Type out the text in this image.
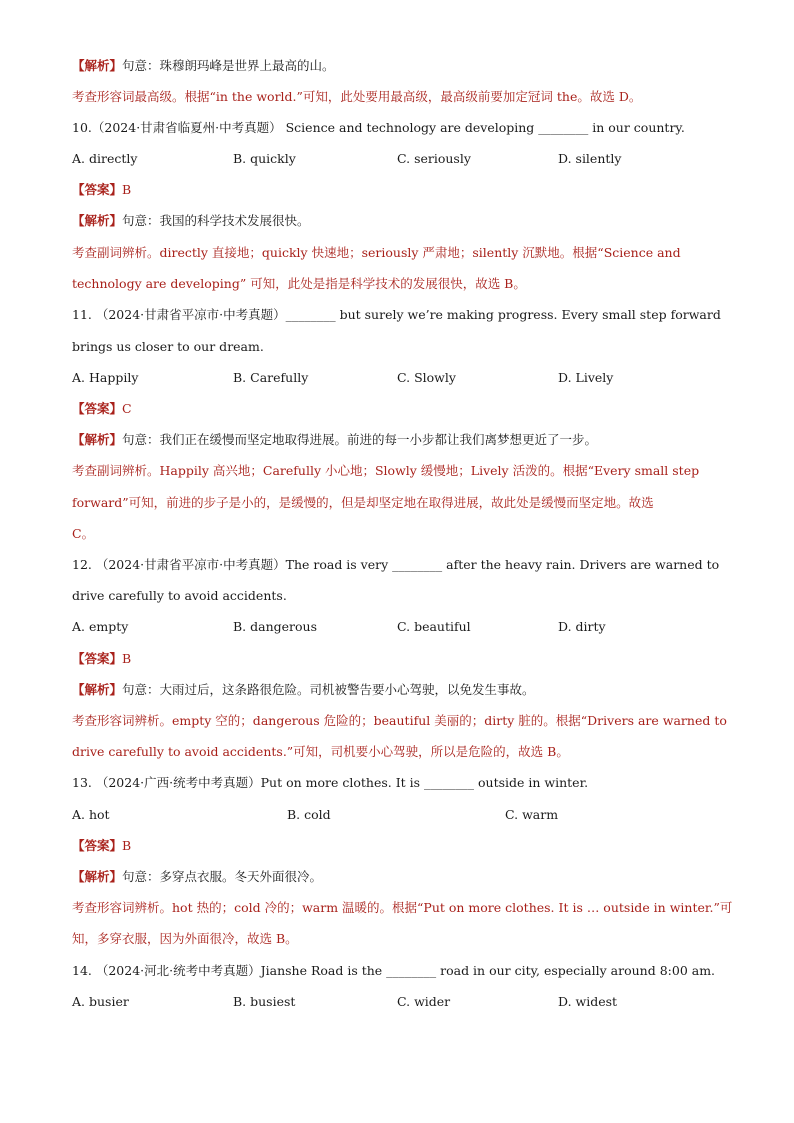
【解析】句意：珠穆朗玛峰是世界上最高的山。
考查形容词最高级。根据“in the world.”可知，此处要用最高级，最高级前要加定冠词 the。故选 D。
10.（2024·甘肃省临夏州·中考真题） Science and technology are developing ________ in our country.
A. directly	B. quickly	C. seriously	D. silently
【答案】B
【解析】句意：我国的科学技术发展很快。
考查副词辨析。directly 直接地；quickly 快速地；seriously 严肃地；silently 沉默地。根据“Science and
technology are developing” 可知，此处是指是科学技术的发展很快，故选 B。
11. （2024·甘肃省平凉市·中考真题）________ but surely we’re making progress. Every small step forward
brings us closer to our dream.
A. Happily	B. Carefully	C. Slowly	D. Lively
【答案】C
【解析】句意：我们正在缓慢而坚定地取得进展。前进的每一小步都让我们离梦想更近了一步。
考查副词辨析。Happily 高兴地；Carefully 小心地；Slowly 缓慢地；Lively 活泼的。根据“Every small step
forward”可知，前进的步子是小的，是缓慢的，但是却坚定地在取得进展，故此处是缓慢而坚定地。故选
C。
12. （2024·甘肃省平凉市·中考真题）The road is very ________ after the heavy rain. Drivers are warned to
drive carefully to avoid accidents.
A. empty	B. dangerous	C. beautiful	D. dirty
【答案】B
【解析】句意：大雨过后，这条路很危险。司机被警告要小心驾驶，以免发生事故。
考查形容词辨析。empty 空的；dangerous 危险的；beautiful 美丽的；dirty 脏的。根据“Drivers are warned to
drive carefully to avoid accidents.”可知，司机要小心驾驶，所以是危险的，故选 B。
13. （2024·广西·统考中考真题）Put on more clothes. It is ________ outside in winter.
A. hot	B. cold	C. warm
【答案】B
【解析】句意：多穿点衣服。冬天外面很冷。
考查形容词辨析。hot 热的；cold 冷的；warm 温暖的。根据“Put on more clothes. It is … outside in winter.”可
知，多穿衣服，因为外面很冷，故选 B。
14. （2024·河北·统考中考真题）Jianshe Road is the ________ road in our city, especially around 8:00 am.
A. busier	B. busiest	C. wider	D. widest
